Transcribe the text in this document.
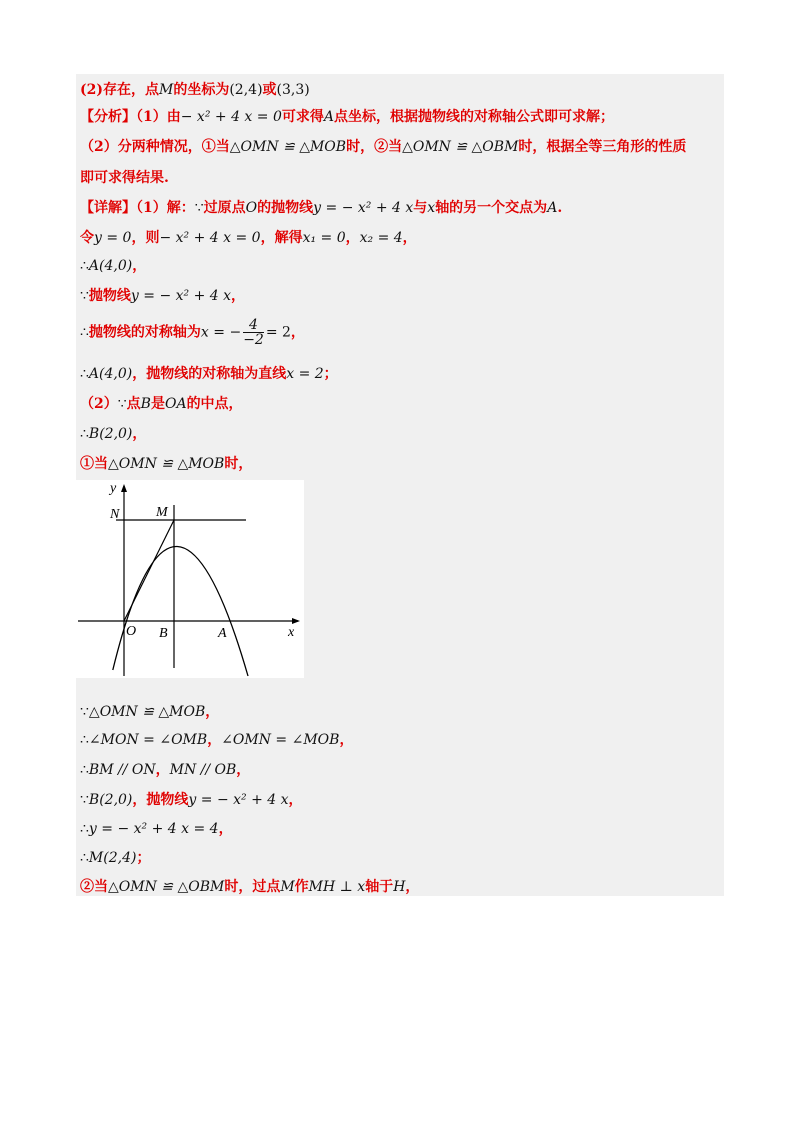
(2)存在，点M的坐标为(2,4)或(3,3)
【分析】（1）由− x² + 4 x = 0可求得A点坐标，根据抛物线的对称轴公式即可求解；
（2）分两种情况，①当△OMN ≌ △MOB时，②当△OMN ≌ △OBM时，根据全等三角形的性质
即可求得结果.
【详解】（1）解：∵过原点O的抛物线y = − x² + 4 x与x轴的另一个交点为A.
令y = 0，则− x² + 4 x = 0，解得x₁ = 0，x₂ = 4，
∴A(4,0)，
∵抛物线y = − x² + 4 x，
∴抛物线的对称轴为x = − $\frac{4}{-2} = 2$，
∴A(4,0)，抛物线的对称轴为直线x = 2；
（2）∵点B是OA的中点，
∴B(2,0)，
①当△OMN ≌ △MOB时，
∵△OMN ≌ △MOB，
∴∠MON = ∠OMB，∠OMN = ∠MOB，
∴BM // ON，MN // OB，
∵B(2,0)，抛物线y = − x² + 4 x，
∴y = − x² + 4 x = 4，
∴M(2,4)；
②当△OMN ≌ △OBM时，过点M作MH ⊥ x轴于H，
y
x
N	M
O B	A
